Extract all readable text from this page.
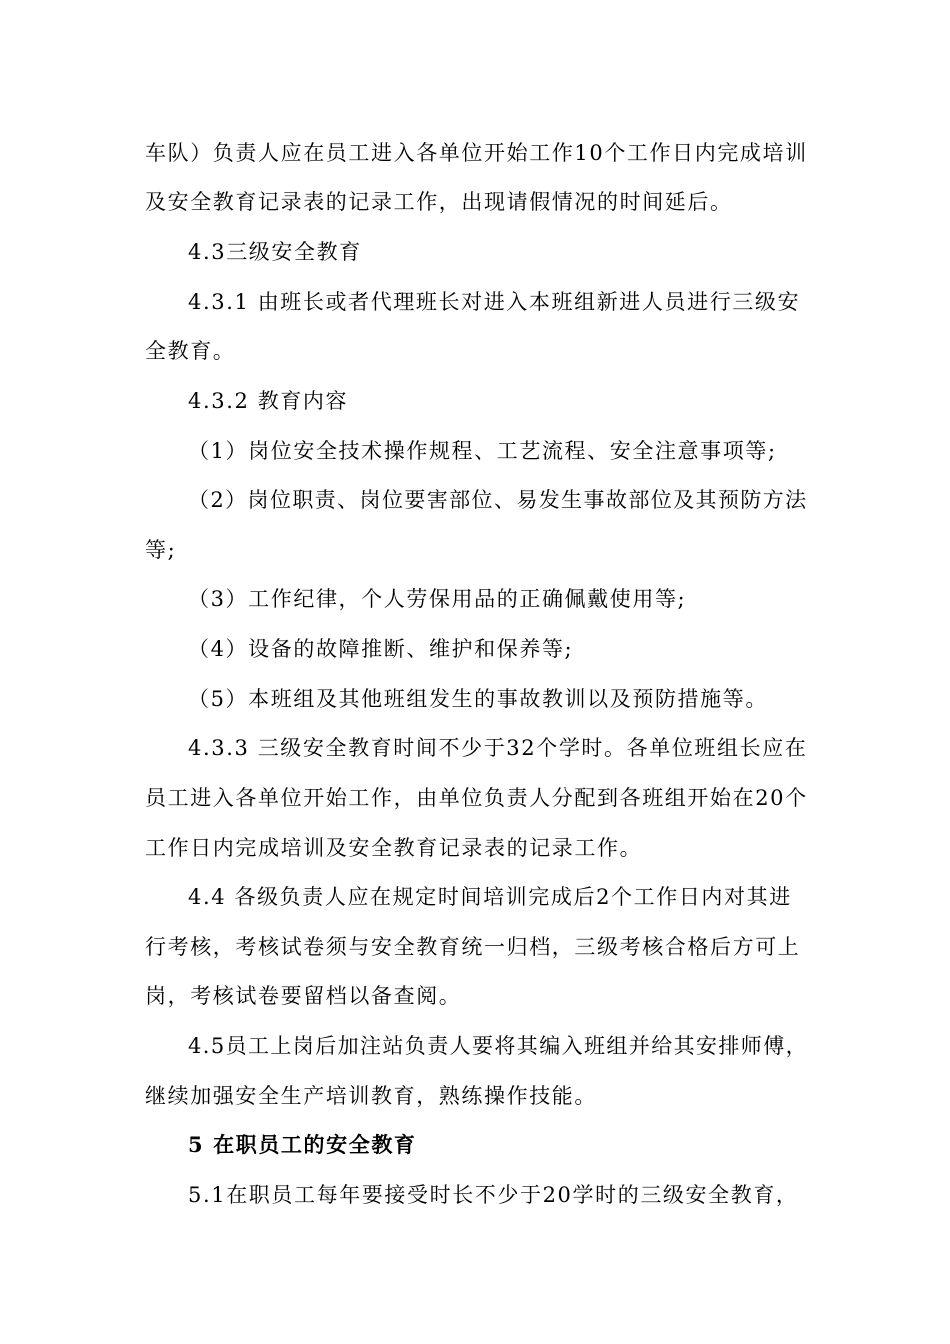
车队）负责人应在员工进入各单位开始工作10个工作日内完成培训
及安全教育记录表的记录工作，出现请假情况的时间延后。
4.3三级安全教育
4.3.1 由班长或者代理班长对进入本班组新进人员进行三级安
全教育。
4.3.2 教育内容
（1）岗位安全技术操作规程、工艺流程、安全注意事项等;
（2）岗位职责、岗位要害部位、易发生事故部位及其预防方法
等;
（3）工作纪律，个人劳保用品的正确佩戴使用等;
（4）设备的故障推断、维护和保养等;
（5）本班组及其他班组发生的事故教训以及预防措施等。
4.3.3 三级安全教育时间不少于32个学时。各单位班组长应在
员工进入各单位开始工作，由单位负责人分配到各班组开始在20个
工作日内完成培训及安全教育记录表的记录工作。
4.4 各级负责人应在规定时间培训完成后2个工作日内对其进
行考核，考核试卷须与安全教育统一归档，三级考核合格后方可上
岗，考核试卷要留档以备查阅。
4.5员工上岗后加注站负责人要将其编入班组并给其安排师傅，
继续加强安全生产培训教育，熟练操作技能。
5 在职员工的安全教育
5.1在职员工每年要接受时长不少于20学时的三级安全教育，
